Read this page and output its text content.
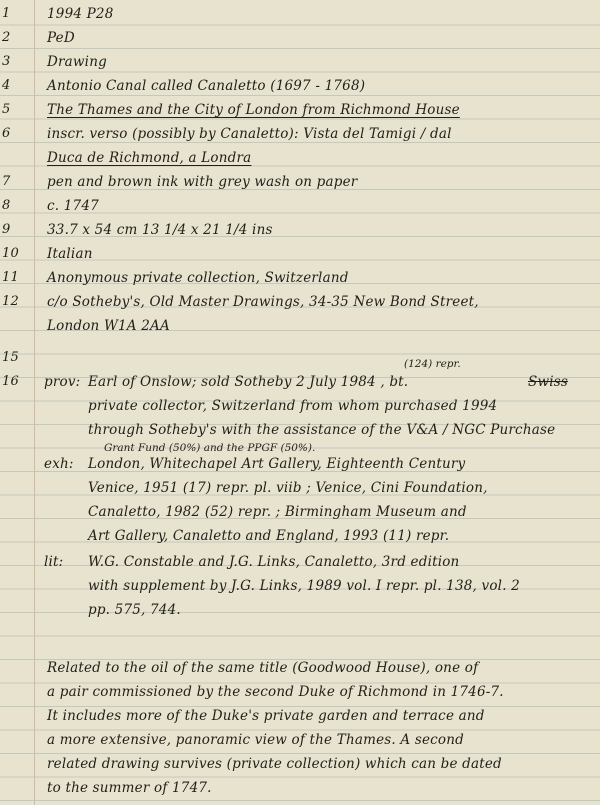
1	1994 P28
2	PeD
3	Drawing
4	Antonio Canal called Canaletto (1697 - 1768)
5	The Thames and the City of London from Richmond House
6	inscr. verso (possibly by Canaletto): Vista del Tamigi / dal
Duca de Richmond, a Londra
7	pen and brown ink with grey wash on paper
8	c. 1747
9	33.7 x 54 cm 13 1/4 x 21 1/4 ins
10	Italian
11	Anonymous private collection, Switzerland
12	c/o Sotheby's, Old Master Drawings, 34-35 New Bond Street,
London W1A 2AA
15	(124) repr.
16	prov: Earl of Onslow; sold Sotheby 2 July 1984 , bt.	Swiss
private collector, Switzerland from whom purchased 1994
through Sotheby's with the assistance of the V&A / NGC Purchase
Grant Fund (50%) and the PPGF (50%).
exh: London, Whitechapel Art Gallery, Eighteenth Century
Venice, 1951 (17) repr. pl. viib ; Venice, Cini Foundation,
Canaletto, 1982 (52) repr. ; Birmingham Museum and
Art Gallery, Canaletto and England, 1993 (11) repr.
lit: W.G. Constable and J.G. Links, Canaletto, 3rd edition
with supplement by J.G. Links, 1989 vol. I repr. pl. 138, vol. 2
pp. 575, 744.
Related to the oil of the same title (Goodwood House), one of
a pair commissioned by the second Duke of Richmond in 1746-7.
It includes more of the Duke's private garden and terrace and
a more extensive, panoramic view of the Thames. A second
related drawing survives (private collection) which can be dated
to the summer of 1747.
